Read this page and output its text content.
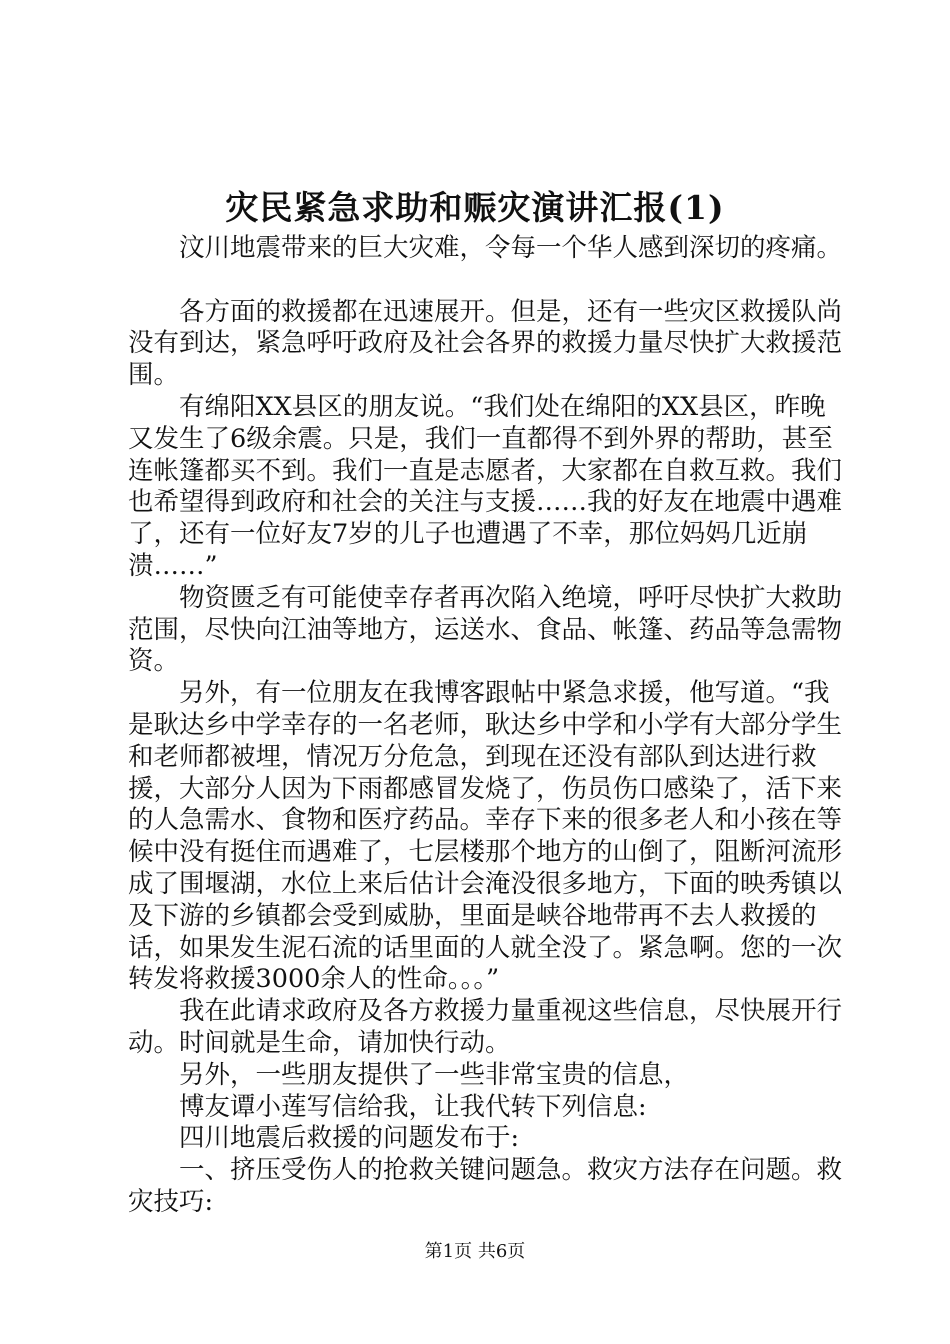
灾民紧急求助和赈灾演讲汇报(1)

汶川地震带来的巨大灾难，令每一个华人感到深切的疼痛。

各方面的救援都在迅速展开。但是，还有一些灾区救援队尚没有到达，紧急呼吁政府及社会各界的救援力量尽快扩大救援范围。

有绵阳XX县区的朋友说。“我们处在绵阳的XX县区，昨晚又发生了6级余震。只是，我们一直都得不到外界的帮助，甚至连帐篷都买不到。我们一直是志愿者，大家都在自救互救。我们也希望得到政府和社会的关注与支援……我的好友在地震中遇难了，还有一位好友7岁的儿子也遭遇了不幸，那位妈妈几近崩溃……”

物资匮乏有可能使幸存者再次陷入绝境，呼吁尽快扩大救助范围，尽快向江油等地方，运送水、食品、帐篷、药品等急需物资。

另外，有一位朋友在我博客跟帖中紧急求援，他写道。“我是耿达乡中学幸存的一名老师，耿达乡中学和小学有大部分学生和老师都被埋，情况万分危急，到现在还没有部队到达进行救援，大部分人因为下雨都感冒发烧了，伤员伤口感染了，活下来的人急需水、食物和医疗药品。幸存下来的很多老人和小孩在等候中没有挺住而遇难了，七层楼那个地方的山倒了，阻断河流形成了围堰湖，水位上来后估计会淹没很多地方，下面的映秀镇以及下游的乡镇都会受到威胁，里面是峡谷地带再不去人救援的话，如果发生泥石流的话里面的人就全没了。紧急啊。您的一次转发将救援3000余人的性命。。。”

我在此请求政府及各方救援力量重视这些信息，尽快展开行动。时间就是生命，请加快行动。

另外，一些朋友提供了一些非常宝贵的信息，

博友谭小莲写信给我，让我代转下列信息:

四川地震后救援的问题发布于:

一、挤压受伤人的抢救关键问题急。救灾方法存在问题。救灾技巧:

第1页 共6页
